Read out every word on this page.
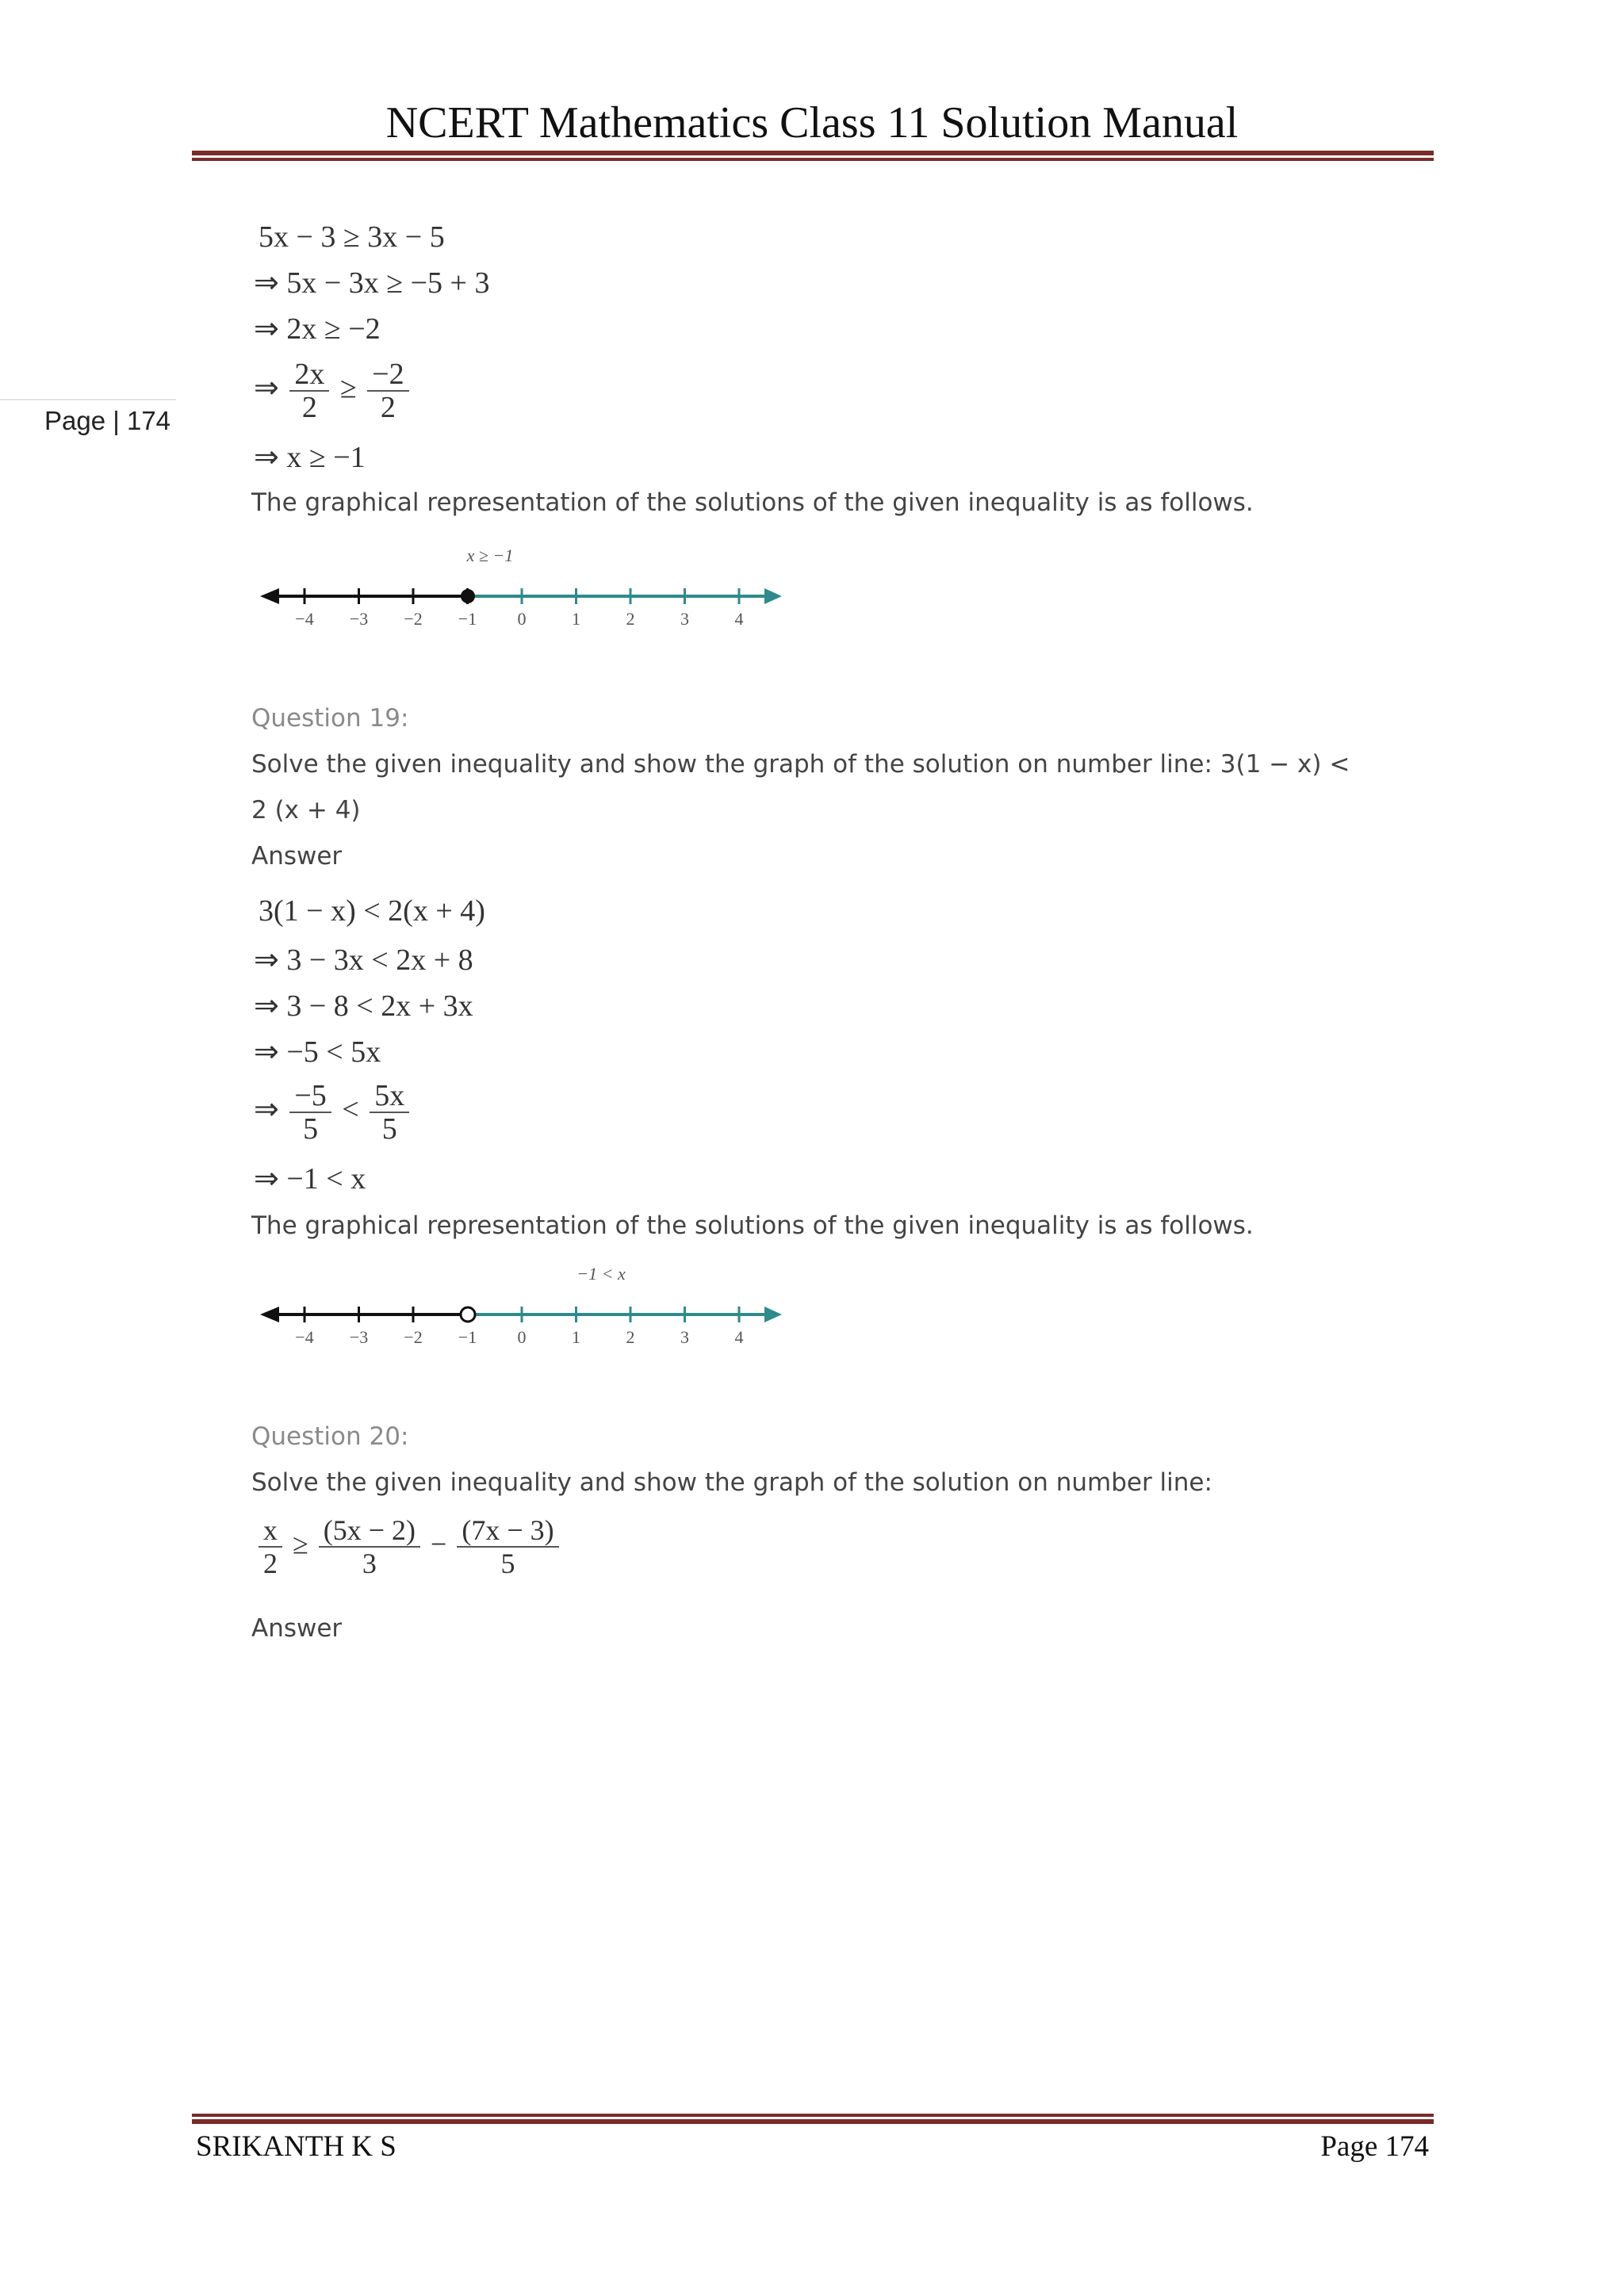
NCERT Mathematics Class 11 Solution Manual
Page | 174
5x − 3 ≥ 3x − 5
⇒ 5x − 3x ≥ −5 + 3
⇒ 2x ≥ −2
⇒ $\frac{2x}{2} \ge \frac{-2}{2}$
⇒ x ≥ −1
The graphical representation of the solutions of the given inequality is as follows.
x ≥ −1
−4 −3 −2 −1 0	1	2	3	4
Question 19:
Solve the given inequality and show the graph of the solution on number line: 3(1 − x) <
2 (x + 4)
Answer
3(1 − x) < 2(x + 4)
⇒ 3 − 3x < 2x + 8
⇒ 3 − 8 < 2x + 3x
⇒ −5 < 5x
⇒ $\frac{-5}{5} < \frac{5x}{5}$
⇒ −1 < x
The graphical representation of the solutions of the given inequality is as follows.
−1 < x
−4 −3 −2 −1 0	1	2	3	4
Question 20:
Solve the given inequality and show the graph of the solution on number line:
$\frac{x}{2} \ge \frac{(5x - 2)}{3} - \frac{(7x - 3)}{5}$
Answer
SRIKANTH K S	Page 174
